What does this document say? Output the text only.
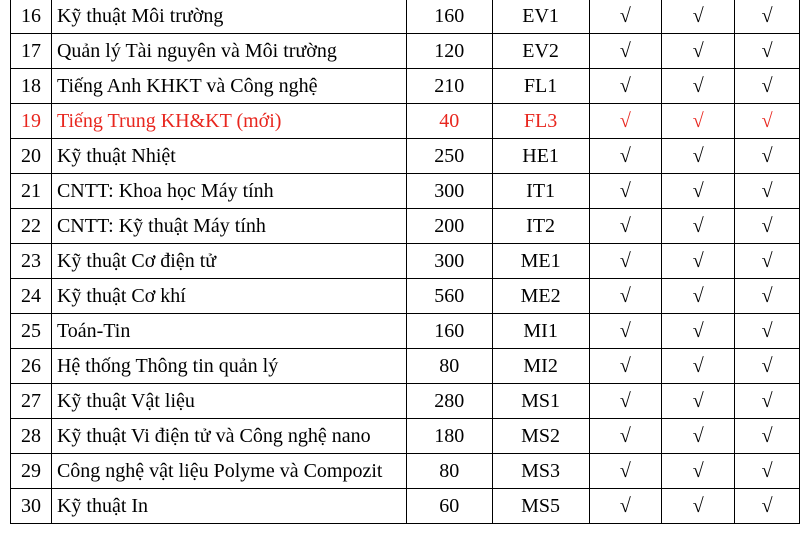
16	Kỹ thuật Môi trường	160	EV1	√	√	√
17	Quản lý Tài nguyên và Môi trường	120	EV2	√	√	√
18	Tiếng Anh KHKT và Công nghệ	210	FL1	√	√	√
19	Tiếng Trung KH&KT (mới)	40	FL3	√	√	√
20	Kỹ thuật Nhiệt	250	HE1	√	√	√
21	CNTT: Khoa học Máy tính	300	IT1	√	√	√
22	CNTT: Kỹ thuật Máy tính	200	IT2	√	√	√
23	Kỹ thuật Cơ điện tử	300	ME1	√	√	√
24	Kỹ thuật Cơ khí	560	ME2	√	√	√
25	Toán-Tin	160	MI1	√	√	√
26	Hệ thống Thông tin quản lý	80	MI2	√	√	√
27	Kỹ thuật Vật liệu	280	MS1	√	√	√
28	Kỹ thuật Vi điện tử và Công nghệ nano	180	MS2	√	√	√
29	Công nghệ vật liệu Polyme và Compozit	80	MS3	√	√	√
30	Kỹ thuật In	60	MS5	√	√	√
